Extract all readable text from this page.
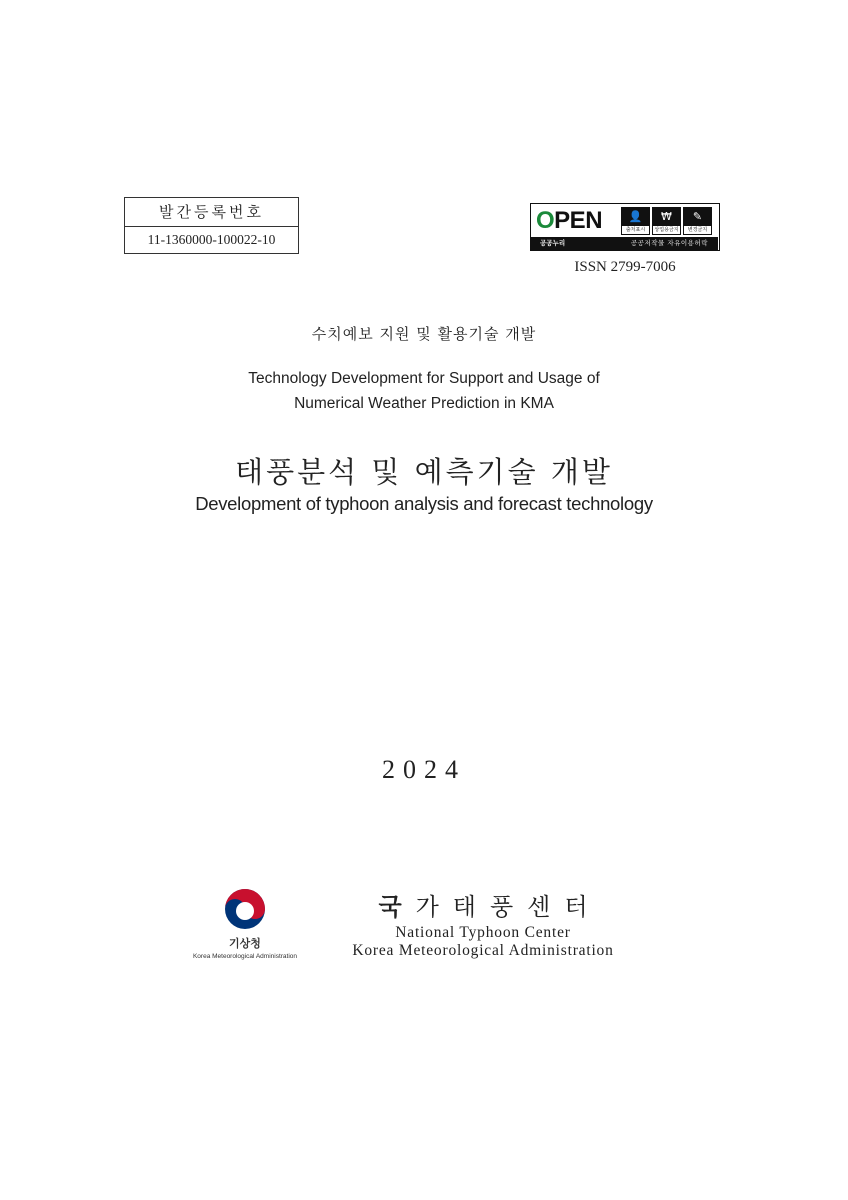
발간등록번호
11-1360000-100022-10
OPEN	👤
출처표시
₩
상업용금지
✎
변경금지
공공누리	공공저작물 자유이용허락
ISSN 2799-7006
수치예보 지원 및 활용기술 개발
Technology Development for Support and Usage of
Numerical Weather Prediction in KMA
태풍분석 및 예측기술 개발
Development of typhoon analysis and forecast technology
2024
기상청
Korea Meteorological Administration
국가태풍센터
National Typhoon Center
Korea Meteorological Administration
